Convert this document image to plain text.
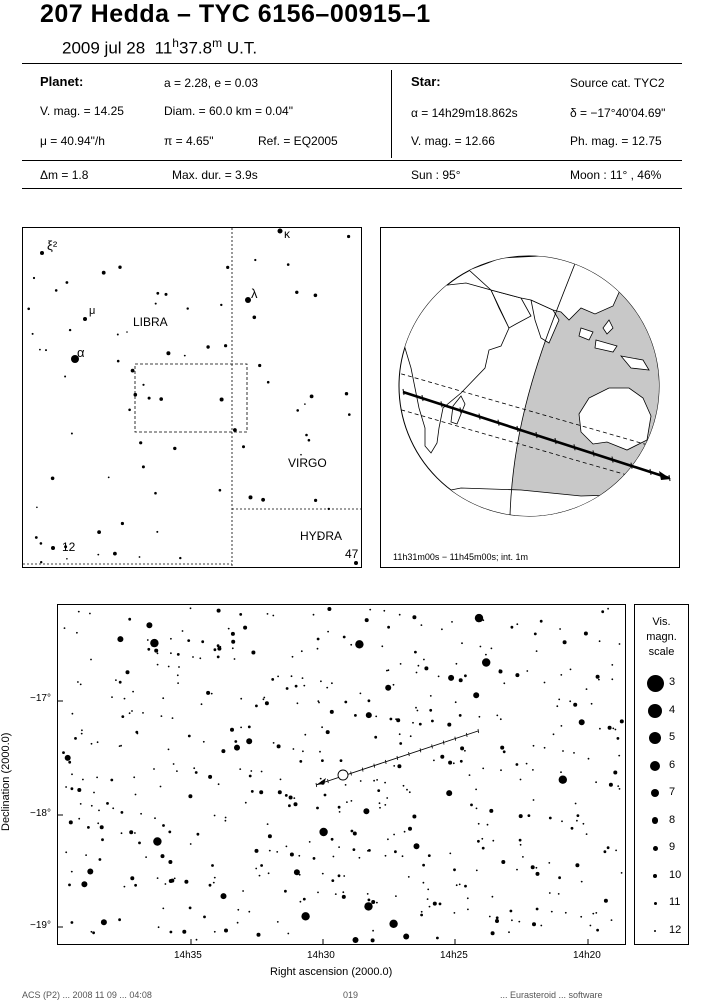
207 Hedda – TYC 6156–00915–1
2009 jul 28 11$^h$37.8$^m$ U.T.
Planet:	a = 2.28, e = 0.03
V. mag. = 14.25	Diam. = 60.0 km = 0.04"
μ = 40.94"/h	π = 4.65"	Ref. = EQ2005
Δm = 1.8	Max. dur. = 3.9s
Star:	Source cat. TYC2
α = 14h29m18.862s	δ = −17°40'04.69"
V. mag. = 12.66	Ph. mag. = 12.75
Sun : 95°	Moon : 11° , 46%
LIBRA
VIRGO
HYDRA
ξ²
μ
α
λ
κ
12	47	11h31m00s − 11h45m00s; int. 1m
Declination (2000.0)
−17°
−18°
−19°
14h35	14h30	14h25	14h20
Right ascension (2000.0)
Vis.
magn.
scale
3
4
5
6
7
8
9
10
11
12
ACS (P2) ... 2008 11 09 ... 04:08	019	... Eurasteroid ... software
